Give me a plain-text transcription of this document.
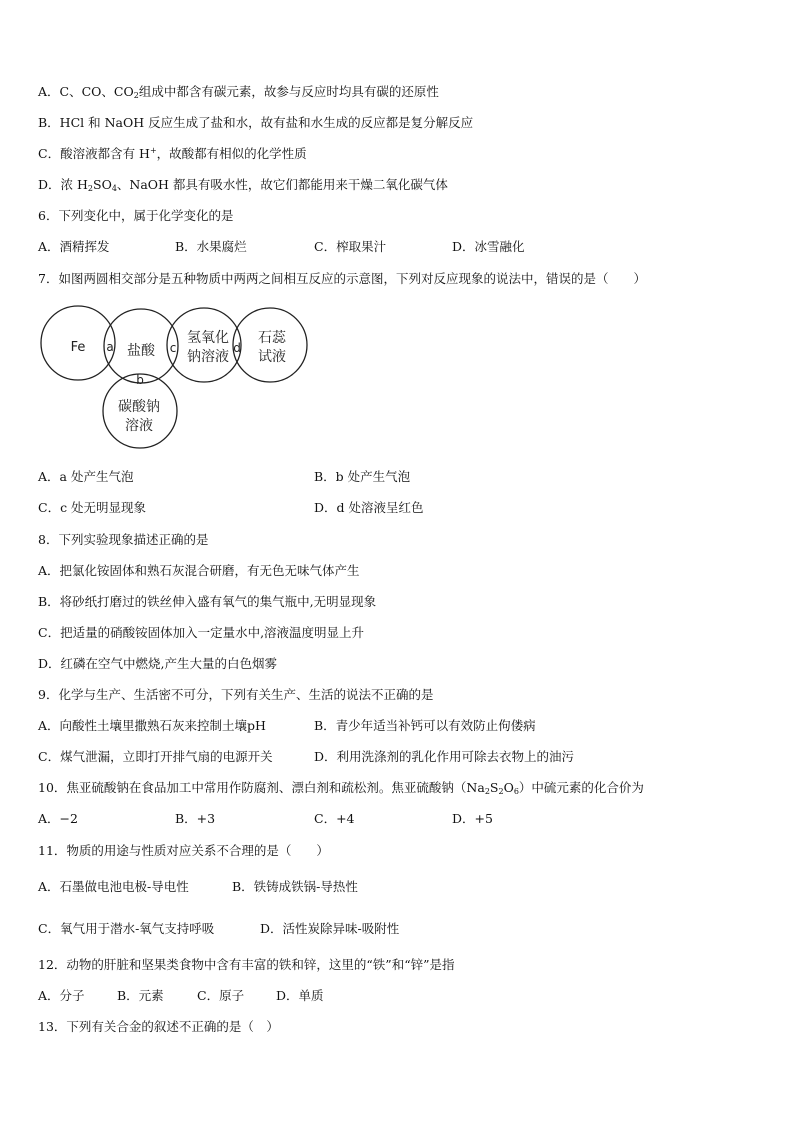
A．C、CO、$CO_2$组成中都含有碳元素，故参与反应时均具有碳的还原性
B．HCl 和 NaOH 反应生成了盐和水，故有盐和水生成的反应都是复分解反应
C．酸溶液都含有 H+，故酸都有相似的化学性质
D．浓 $H_2SO_4$、NaOH 都具有吸水性，故它们都能用来干燥二氧化碳气体
6．下列变化中，属于化学变化的是
A．酒精挥发	B．水果腐烂	C．榨取果汁	D．冰雪融化
7．如图两圆相交部分是五种物质中两两之间相互反应的示意图，下列对反应现象的说法中，错误的是（　　）
Fe	盐酸
氢氧化
钠溶液
石蕊
试液
碳酸钠
溶液
a
b
c	d
A．a 处产生气泡	B．b 处产生气泡
C．c 处无明显现象	D．d 处溶液呈红色
8．下列实验现象描述正确的是
A．把氯化铵固体和熟石灰混合研磨，有无色无味气体产生
B．将砂纸打磨过的铁丝伸入盛有氧气的集气瓶中,无明显现象
C．把适量的硝酸铵固体加入一定量水中,溶液温度明显上升
D．红磷在空气中燃烧,产生大量的白色烟雾
9．化学与生产、生活密不可分，下列有关生产、生活的说法不正确的是
A．向酸性土壤里撒熟石灰来控制土壤pH	B．青少年适当补钙可以有效防止佝偻病
C．煤气泄漏，立即打开排气扇的电源开关	D．利用洗涤剂的乳化作用可除去衣物上的油污
10．焦亚硫酸钠在食品加工中常用作防腐剂、漂白剂和疏松剂。焦亚硫酸钠$(Na_2S_2O_6)$中硫元素的化合价为
A．−2	B．+3	C．+4	D．+5
11．物质的用途与性质对应关系不合理的是（　　）
A．石墨做电池电极-导电性	B．铁铸成铁锅-导热性
C．氧气用于潜水-氧气支持呼吸	D．活性炭除异味-吸附性
12．动物的肝脏和坚果类食物中含有丰富的铁和锌，这里的“铁”和“锌”是指
A．分子	B．元素	C．原子	D．单质
13．下列有关合金的叙述不正确的是（　）
